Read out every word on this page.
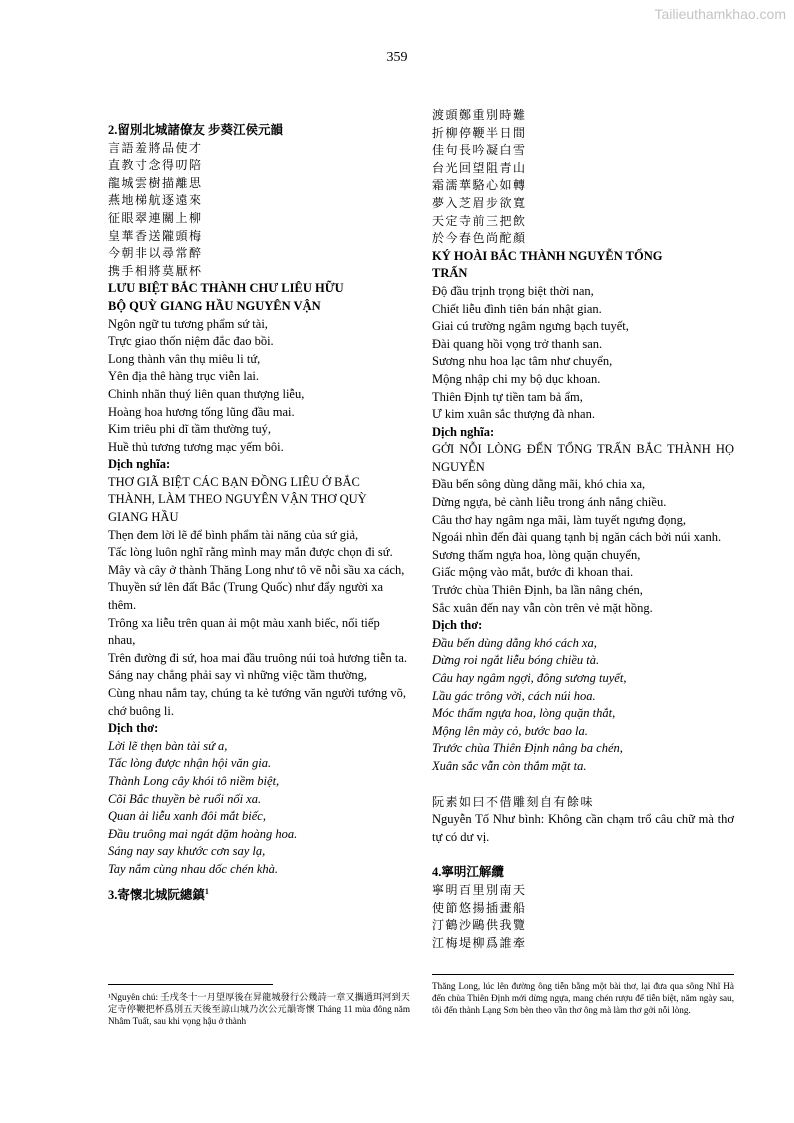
Tailieuthamkhao.com
359
2.留別北城諸僚友 步葵江侯元韻
言語羞將品使才
直教寸念得叨陪
龍城雲樹描離思
燕地梯航逐遠來
征眼翠連關上柳
皇華香送隴頭梅
今朝非以尋常醉
携手相將莫厭杯
LƯU BIỆT BẮC THÀNH CHƯ LIÊU HỮU
BỘ QUỲ GIANG HẦU NGUYÊN VẬN
Ngôn ngữ tu tương phẩm sứ tài,
Trực giao thốn niệm đắc đao bồi.
Long thành vân thụ miêu li tứ,
Yên địa thê hàng trục viễn lai.
Chinh nhãn thuý liên quan thượng liễu,
Hoàng hoa hương tống lũng đầu mai.
Kim triêu phi dĩ tầm thường tuý,
Huề thủ tương tương mạc yếm bôi.
Dịch nghĩa:
THƠ GIÃ BIỆT CÁC BẠN ĐỒNG LIÊU Ở BẮC THÀNH, LÀM THEO NGUYÊN VẬN THƠ QUỲ GIANG HẦU
Thẹn đem lời lẽ để bình phẩm tài năng của sứ giả,
Tấc lòng luôn nghĩ rằng mình may mắn được chọn đi sứ.
Mây và cây ở thành Thăng Long như tô vẽ nỗi sầu xa cách,
Thuyền sứ lên đất Bắc (Trung Quốc) như đẩy người xa thêm.
Trông xa liễu trên quan ải một màu xanh biếc, nối tiếp nhau,
Trên đường đi sứ, hoa mai đầu truông núi toả hương tiễn ta.
Sáng nay chẳng phải say vì những việc tầm thường,
Cùng nhau nắm tay, chúng ta kẻ tướng văn người tướng võ, chớ buông li.
Dịch thơ:
Lời lẽ thẹn bàn tài sứ a,
Tấc lòng được nhận hội văn gia.
Thành Long cây khói tô niềm biệt,
Cõi Bắc thuyền bè ruổi nối xa.
Quan ải liễu xanh đôi mắt biếc,
Đầu truông mai ngát dặm hoàng hoa.
Sáng nay say khước cơn say lạ,
Tay nắm cùng nhau dốc chén khà.
3.寄懷北城阮總鎮$^1$
¹Nguyên chú: 壬戌冬十一月望厚後在昇龍城發行公幾詩一章又攜過珥河到天定寺停鞭把杯爲別五天後至諒山城乃次公元韻寄懷 Tháng 11 mùa đông năm Nhâm Tuất, sau khi vọng hậu ở thành
渡頭鄭重別時難
折柳停鞭半日間
佳句長吟凝白雪
台光回望阻青山
霜濡華駱心如轉
夢入芝眉步欲寬
天定寺前三把飲
於今春色尚酡顏
KÝ HOÀI BẮC THÀNH NGUYỄN TỔNG
TRẤN
Độ đầu trịnh trọng biệt thời nan,
Chiết liễu đình tiên bán nhật gian.
Giai cú trường ngâm ngưng bạch tuyết,
Đài quang hồi vọng trở thanh san.
Sương nhu hoa lạc tâm như chuyển,
Mộng nhập chi my bộ dục khoan.
Thiên Định tự tiền tam bả ẩm,
Ư kim xuân sắc thượng đà nhan.
Dịch nghĩa:
GỞI NỖI LÒNG ĐẾN TỔNG TRẤN BẮC THÀNH HỌ NGUYỄN
Đầu bến sông dùng dằng mãi, khó chia xa,
Dừng ngựa, bẻ cành liễu trong ánh nắng chiều.
Câu thơ hay ngâm nga mãi, làm tuyết ngưng đọng,
Ngoái nhìn đến đài quang tạnh bị ngăn cách bởi núi xanh.
Sương thấm ngựa hoa, lòng quặn chuyển,
Giấc mộng vào mắt, bước đi khoan thai.
Trước chùa Thiên Định, ba lần nâng chén,
Sắc xuân đến nay vẫn còn trên vẻ mặt hồng.
Dịch thơ:
Đầu bến dùng dằng khó cách xa,
Dừng roi ngắt liễu bóng chiều tà.
Câu hay ngâm ngợi, đông sương tuyết,
Lầu gác trông vời, cách núi hoa.
Móc thấm ngựa hoa, lòng quặn thắt,
Mộng lên mày cỏ, bước bao la.
Trước chùa Thiên Định nâng ba chén,
Xuân sắc vẫn còn thắm mặt ta.
阮素如曰不借雕刻自有餘味
Nguyễn Tố Như bình: Không cần chạm trổ câu chữ mà thơ tự có dư vị.
4.寧明江解纜
寧明百里別南天
使節悠揚插畫船
汀鶴沙鷗供我覽
江梅堤柳爲誰牽
Thăng Long, lúc lên đường ông tiễn bằng một bài thơ, lại đưa qua sông Nhĩ Hà đến chùa Thiên Định mới dừng ngựa, mang chén rượu để tiễn biệt, năm ngày sau, tôi đến thành Lạng Sơn bèn theo vần thơ ông mà làm thơ gởi nỗi lòng.
